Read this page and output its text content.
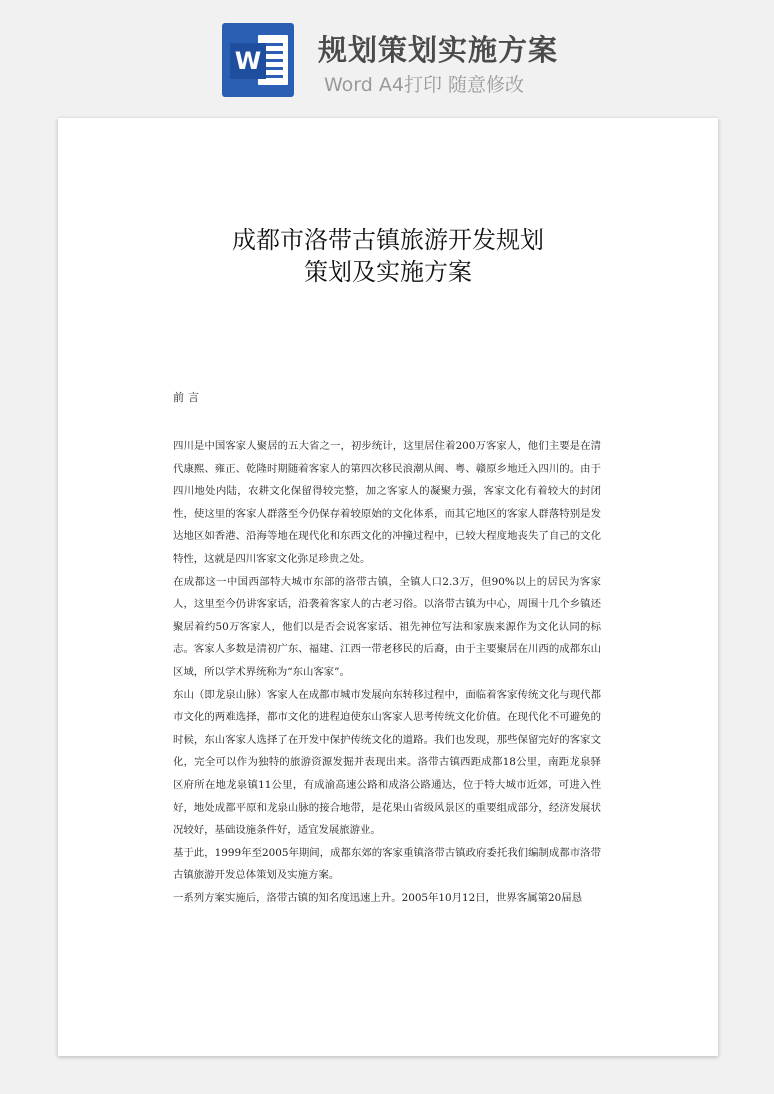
W 规划策划实施方案
Word A4打印 随意修改

成都市洛带古镇旅游开发规划
策划及实施方案
前言

四川是中国客家人聚居的五大省之一，初步统计，这里居住着200万客家人，他们主要是在清代康熙、雍正、乾隆时期随着客家人的第四次移民浪潮从闽、粤、赣原乡地迁入四川的。由于四川地处内陆，农耕文化保留得较完整，加之客家人的凝聚力强，客家文化有着较大的封闭性，使这里的客家人群落至今仍保存着较原始的文化体系，而其它地区的客家人群落特别是发达地区如香港、沿海等地在现代化和东西文化的冲撞过程中，已较大程度地丧失了自己的文化特性，这就是四川客家文化弥足珍贵之处。

在成都这一中国西部特大城市东部的洛带古镇，全镇人口2.3万，但90%以上的居民为客家人，这里至今仍讲客家话，沿袭着客家人的古老习俗。以洛带古镇为中心，周围十几个乡镇还聚居着约50万客家人，他们以是否会说客家话、祖先神位写法和家族来源作为文化认同的标志。客家人多数是清初广东、福建、江西一带老移民的后裔，由于主要聚居在川西的成都东山区域，所以学术界统称为“东山客家”。

东山（即龙泉山脉）客家人在成都市城市发展向东转移过程中，面临着客家传统文化与现代都市文化的两难选择，都市文化的进程迫使东山客家人思考传统文化价值。在现代化不可避免的时候，东山客家人选择了在开发中保护传统文化的道路。我们也发现，那些保留完好的客家文化，完全可以作为独特的旅游资源发掘并表现出来。洛带古镇西距成都18公里，南距龙泉驿区府所在地龙泉镇11公里，有成渝高速公路和成洛公路通达，位于特大城市近郊，可进入性好，地处成都平原和龙泉山脉的接合地带，是花果山省级风景区的重要组成部分，经济发展状况较好，基础设施条件好，适宜发展旅游业。

基于此，1999年至2005年期间，成都东郊的客家重镇洛带古镇政府委托我们编制成都市洛带古镇旅游开发总体策划及实施方案。

一系列方案实施后，洛带古镇的知名度迅速上升。2005年10月12日，世界客属第20届恳
